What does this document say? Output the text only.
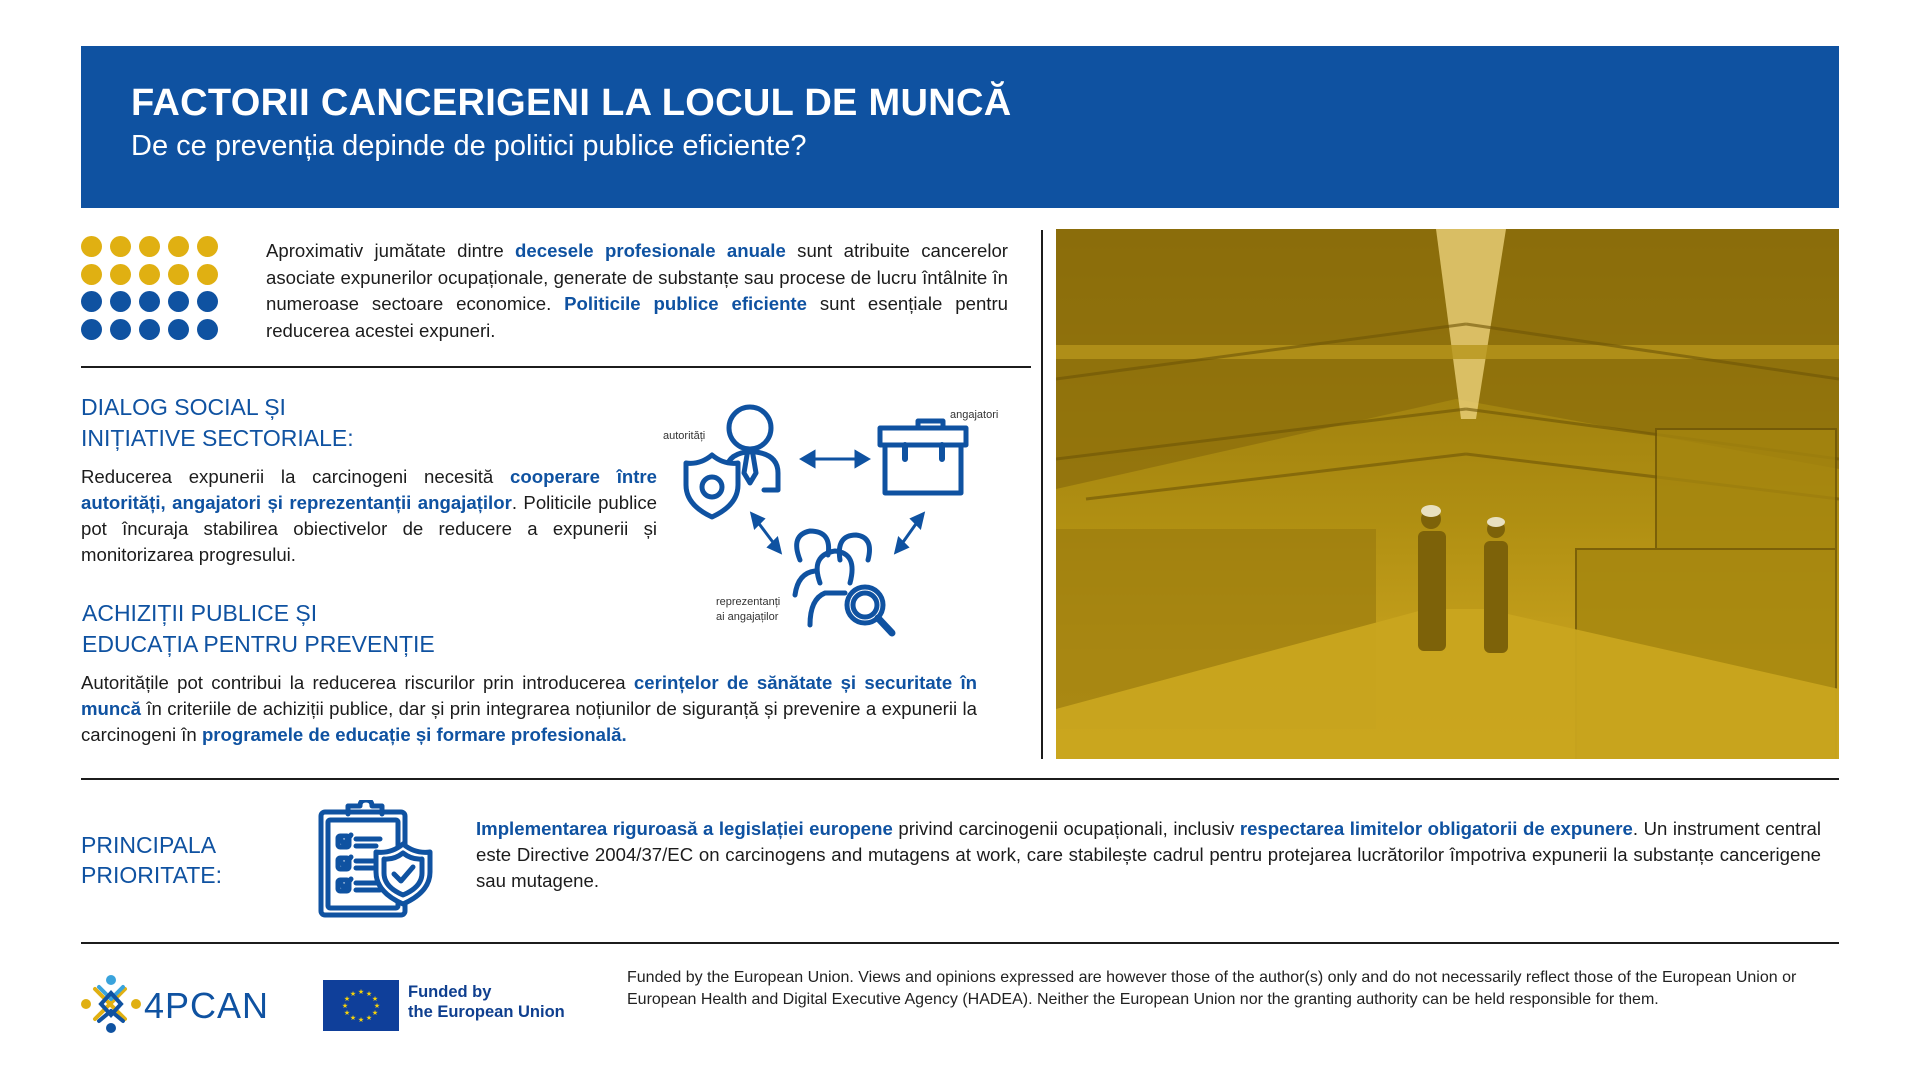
FACTORII CANCERIGENI LA LOCUL DE MUNCĂ
De ce prevenția depinde de politici publice eficiente?

Aproximativ jumătate dintre decesele profesionale anuale sunt atribuite cancerelor asociate expunerilor ocupaționale, generate de substanțe sau procese de lucru întâlnite în numeroase sectoare economice. Politicile publice eficiente sunt esențiale pentru reducerea acestei expuneri.

DIALOG SOCIAL ȘI
INIȚIATIVE SECTORIALE:

Reducerea expunerii la carcinogeni necesită cooperare între autorități, angajatori și reprezentanții angajaților. Politicile publice pot încuraja stabilirea obiectivelor de reducere a expunerii și monitorizarea progresului.

autorități
angajatori
reprezentanți
ai angajaților
ACHIZIȚII PUBLICE ȘI
EDUCAȚIA PENTRU PREVENȚIE

Autoritățile pot contribui la reducerea riscurilor prin introducerea cerințelor de sănătate și securitate în muncă în criteriile de achiziții publice, dar și prin integrarea noțiunilor de siguranță și prevenire a expunerii la carcinogeni în programele de educație și formare profesională.

PRINCIPALA
PRIORITATE:

Implementarea riguroasă a legislației europene privind carcinogenii ocupaționali, inclusiv respectarea limitelor obligatorii de expunere. Un instrument central este Directive 2004/37/EC on carcinogens and mutagens at work, care stabilește cadrul pentru protejarea lucrătorilor împotriva expunerii la substanțe cancerigene sau mutagene.

4PCAN	★ ★
★
★
★
★
★
★
★
★
★
★	Funded by
the European Union

Funded by the European Union. Views and opinions expressed are however those of the author(s) only and do not necessarily reflect those of the European Union or European Health and Digital Executive Agency (HADEA). Neither the European Union nor the granting authority can be held responsible for them.
